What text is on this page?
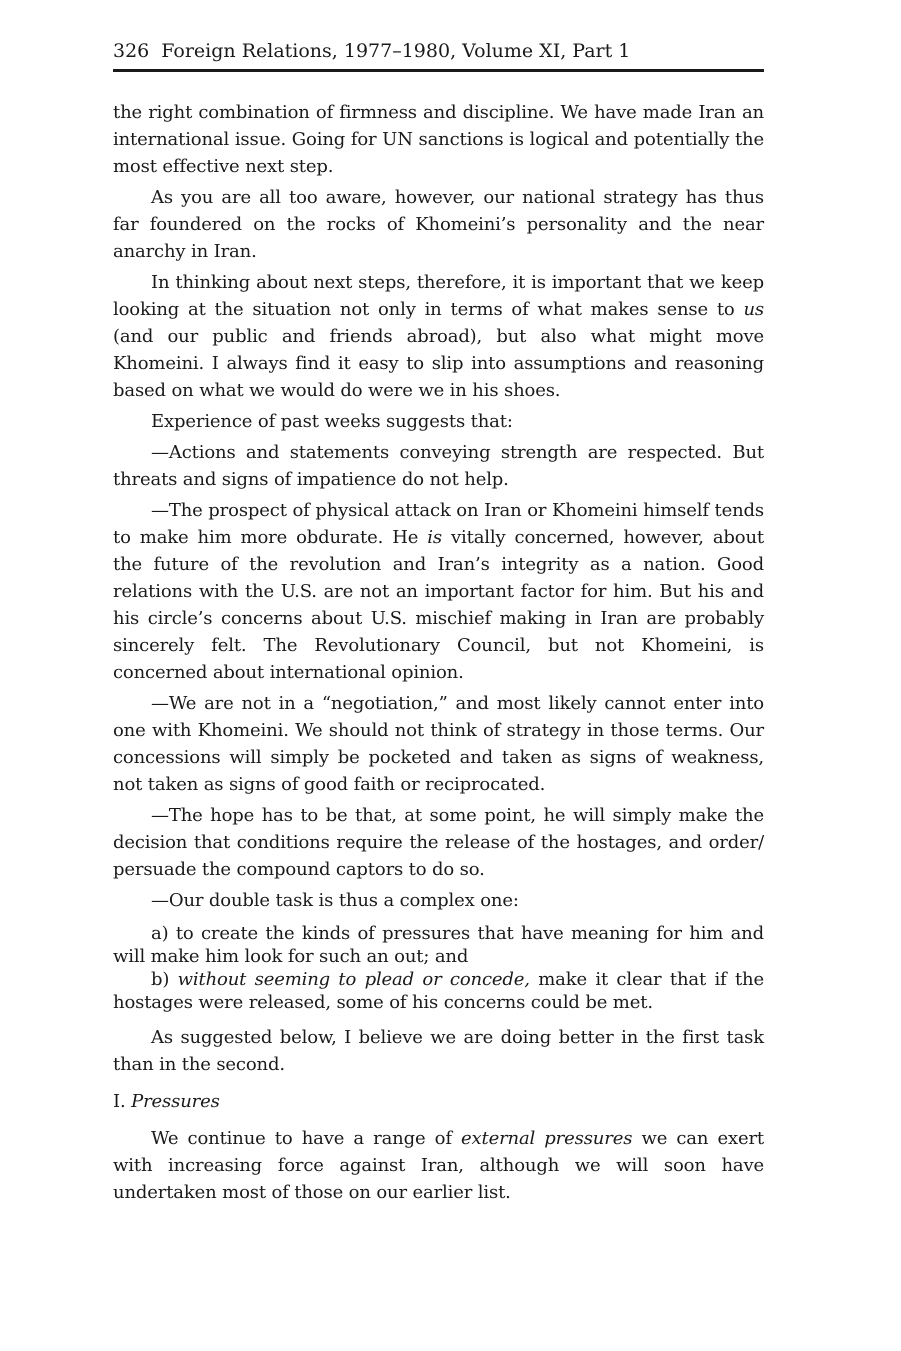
326 Foreign Relations, 1977–1980, Volume XI, Part 1

the right combination of firmness and discipline. We have made Iran an international issue. Going for UN sanctions is logical and potentially the most effective next step.

As you are all too aware, however, our national strategy has thus far foundered on the rocks of Khomeini’s personality and the near anarchy in Iran.

In thinking about next steps, therefore, it is important that we keep looking at the situation not only in terms of what makes sense to us (and our public and friends abroad), but also what might move Khomeini. I always find it easy to slip into assumptions and reasoning based on what we would do were we in his shoes.

Experience of past weeks suggests that:

—Actions and statements conveying strength are respected. But threats and signs of impatience do not help.

—The prospect of physical attack on Iran or Khomeini himself tends to make him more obdurate. He is vitally concerned, however, about the future of the revolution and Iran’s integrity as a nation. Good relations with the U.S. are not an important factor for him. But his and his circle’s concerns about U.S. mischief making in Iran are probably sincerely felt. The Revolutionary Council, but not Khomeini, is concerned about international opinion.

—We are not in a “negotiation,” and most likely cannot enter into one with Khomeini. We should not think of strategy in those terms. Our concessions will simply be pocketed and taken as signs of weakness, not taken as signs of good faith or reciprocated.

—The hope has to be that, at some point, he will simply make the decision that conditions require the release of the hostages, and order/ persuade the compound captors to do so.

—Our double task is thus a complex one:

a) to create the kinds of pressures that have meaning for him and will make him look for such an out; and

b) without seeming to plead or concede, make it clear that if the hostages were released, some of his concerns could be met.

As suggested below, I believe we are doing better in the first task than in the second.

I. Pressures

We continue to have a range of external pressures we can exert with increasing force against Iran, although we will soon have undertaken most of those on our earlier list.
